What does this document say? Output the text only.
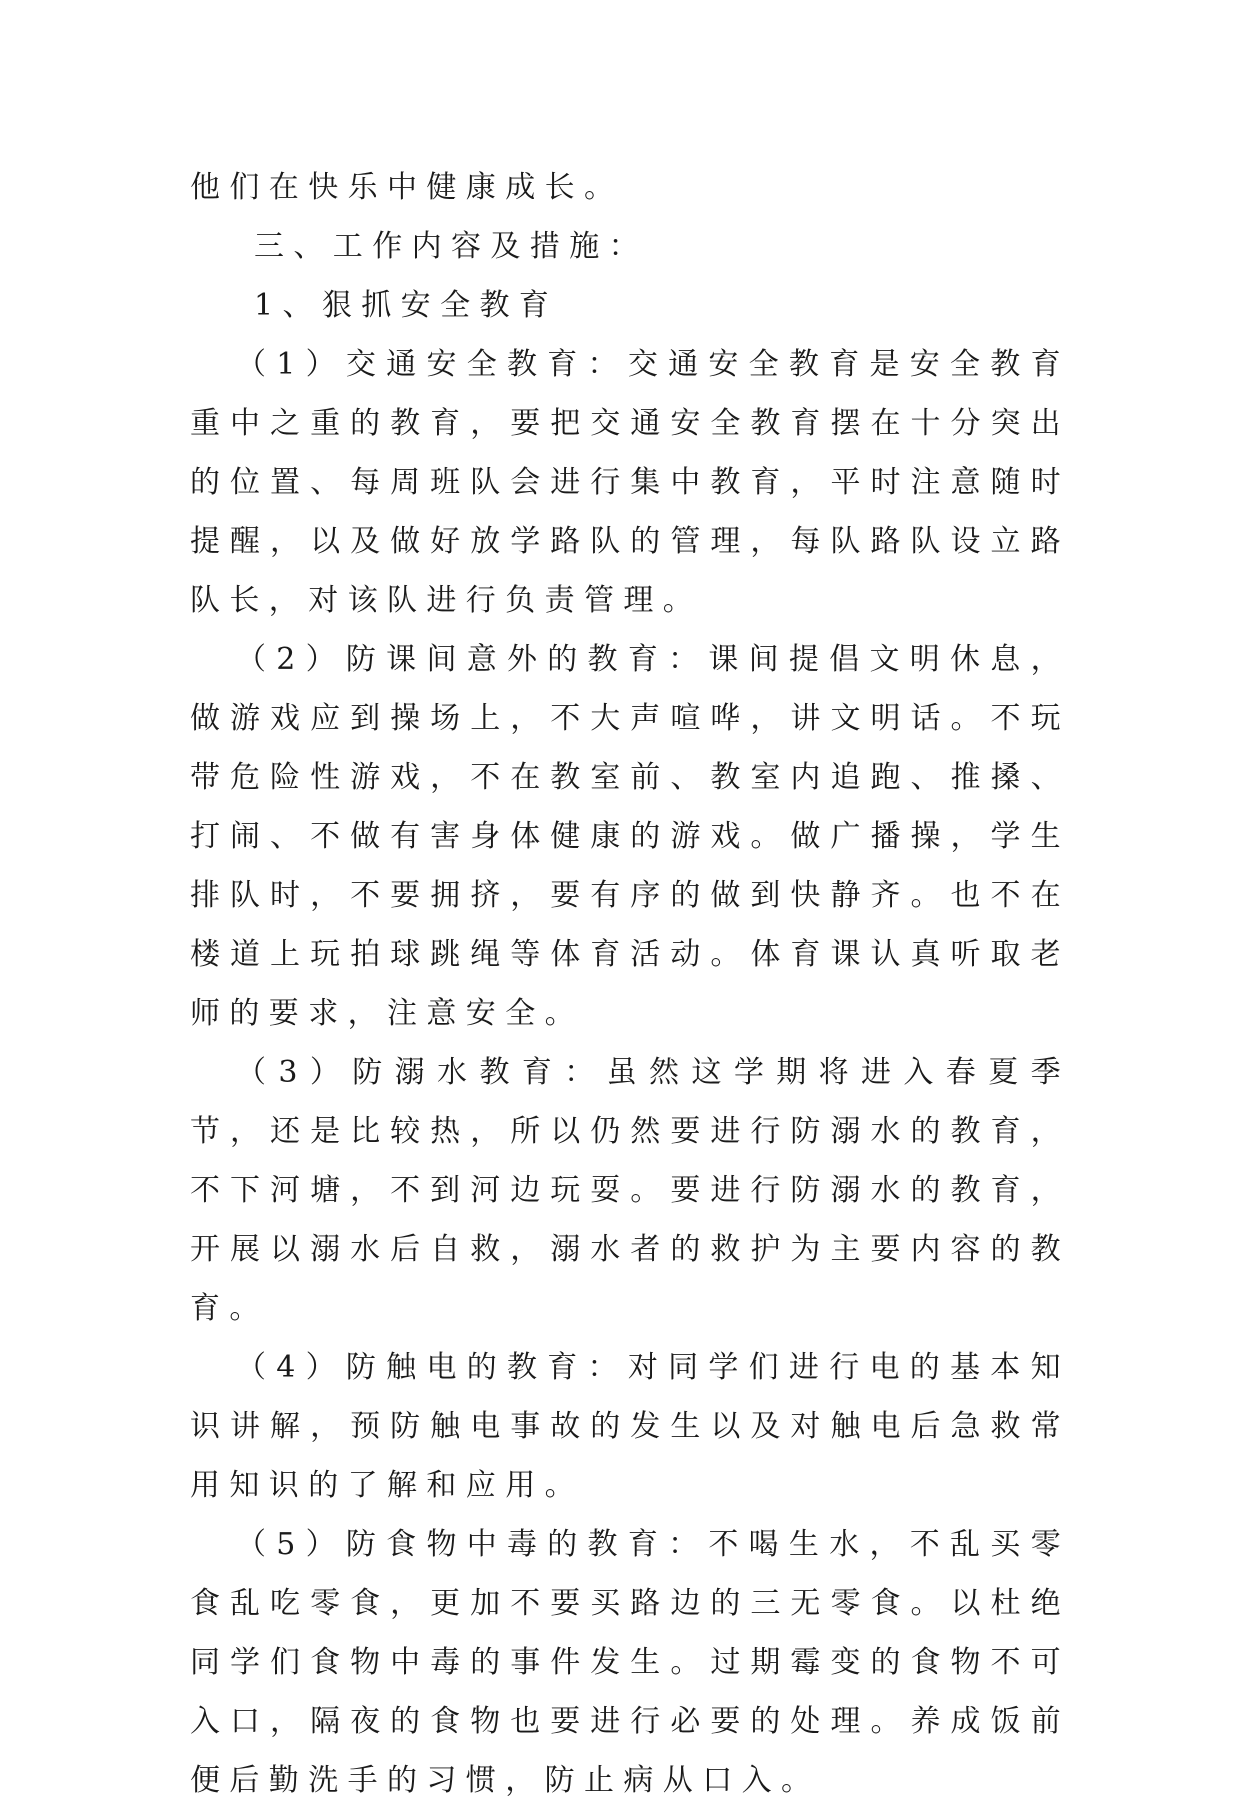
他们在快乐中健康成长。

三、工作内容及措施：

1、狠抓安全教育

（1）交通安全教育：交通安全教育是安全教育重中之重的教育，要把交通安全教育摆在十分突出的位置、每周班队会进行集中教育，平时注意随时提醒，以及做好放学路队的管理，每队路队设立路队长，对该队进行负责管理。

（2）防课间意外的教育：课间提倡文明休息，做游戏应到操场上，不大声喧哗，讲文明话。不玩带危险性游戏，不在教室前、教室内追跑、推搡、打闹、不做有害身体健康的游戏。做广播操，学生排队时，不要拥挤，要有序的做到快静齐。也不在楼道上玩拍球跳绳等体育活动。体育课认真听取老师的要求，注意安全。

（3）防溺水教育：虽然这学期将进入春夏季节，还是比较热，所以仍然要进行防溺水的教育，不下河塘，不到河边玩耍。要进行防溺水的教育，开展以溺水后自救，溺水者的救护为主要内容的教育。

（4）防触电的教育：对同学们进行电的基本知识讲解，预防触电事故的发生以及对触电后急救常用知识的了解和应用。

（5）防食物中毒的教育：不喝生水，不乱买零食乱吃零食，更加不要买路边的三无零食。以杜绝同学们食物中毒的事件发生。过期霉变的食物不可入口，隔夜的食物也要进行必要的处理。养成饭前便后勤洗手的习惯，防止病从口入。
